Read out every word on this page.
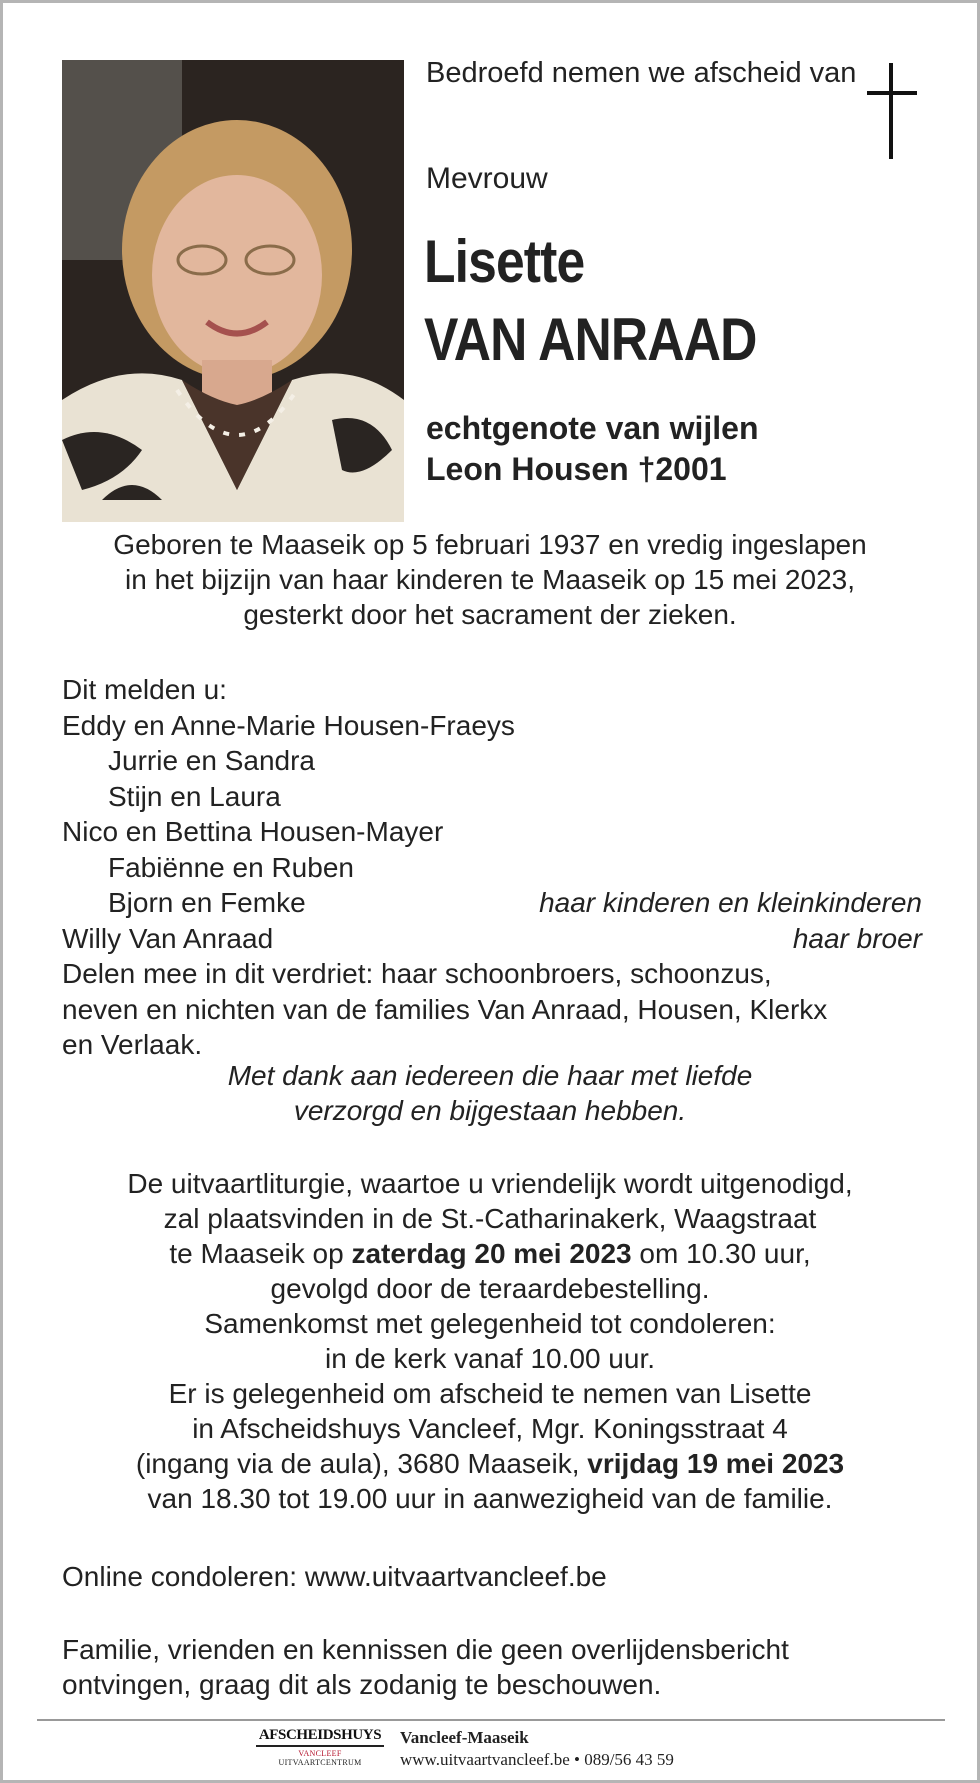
Bedroefd nemen we afscheid van
Mevrouw
Lisette
VAN ANRAAD
echtgenote van wijlen
Leon Housen †2001
Geboren te Maaseik op 5 februari 1937 en vredig ingeslapen
in het bijzijn van haar kinderen te Maaseik op 15 mei 2023,
gesterkt door het sacrament der zieken.
Dit melden u:
Eddy en Anne-Marie Housen-Fraeys
Jurrie en Sandra
Stijn en Laura
Nico en Bettina Housen-Mayer
Fabiënne en Ruben
Bjorn en Femke	haar kinderen en kleinkinderen
Willy Van Anraad	haar broer
Delen mee in dit verdriet: haar schoonbroers, schoonzus,
neven en nichten van de families Van Anraad, Housen, Klerkx
en Verlaak.
Met dank aan iedereen die haar met liefde
verzorgd en bijgestaan hebben.
De uitvaartliturgie, waartoe u vriendelijk wordt uitgenodigd,
zal plaatsvinden in de St.-Catharinakerk, Waagstraat
te Maaseik op zaterdag 20 mei 2023 om 10.30 uur,
gevolgd door de teraardebestelling.
Samenkomst met gelegenheid tot condoleren:
in de kerk vanaf 10.00 uur.
Er is gelegenheid om afscheid te nemen van Lisette
in Afscheidshuys Vancleef, Mgr. Koningsstraat 4
(ingang via de aula), 3680 Maaseik, vrijdag 19 mei 2023
van 18.30 tot 19.00 uur in aanwezigheid van de familie.
Online condoleren: www.uitvaartvancleef.be
Familie, vrienden en kennissen die geen overlijdensbericht
ontvingen, graag dit als zodanig te beschouwen.
AFSCHEIDSHUYS
VANCLEEF UITVAARTCENTRUM
Vancleef-Maaseik
www.uitvaartvancleef.be • 089/56 43 59
